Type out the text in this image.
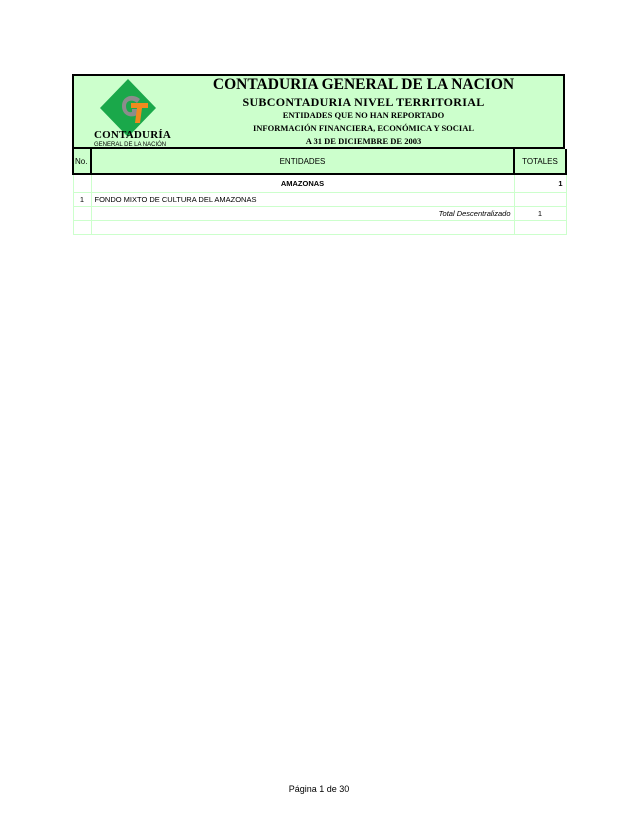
CONTADURÍA
GENERAL DE LA NACIÓN
CONTADURIA GENERAL DE LA NACION
SUBCONTADURIA NIVEL TERRITORIAL
ENTIDADES QUE NO HAN REPORTADO
INFORMACIÓN FINANCIERA, ECONÓMICA Y SOCIAL
A 31 DE DICIEMBRE DE 2003
No.	ENTIDADES	TOTALES
	AMAZONAS	1
1	FONDO MIXTO DE CULTURA DEL AMAZONAS	
	Total Descentralizado	1

Página 1 de 30
